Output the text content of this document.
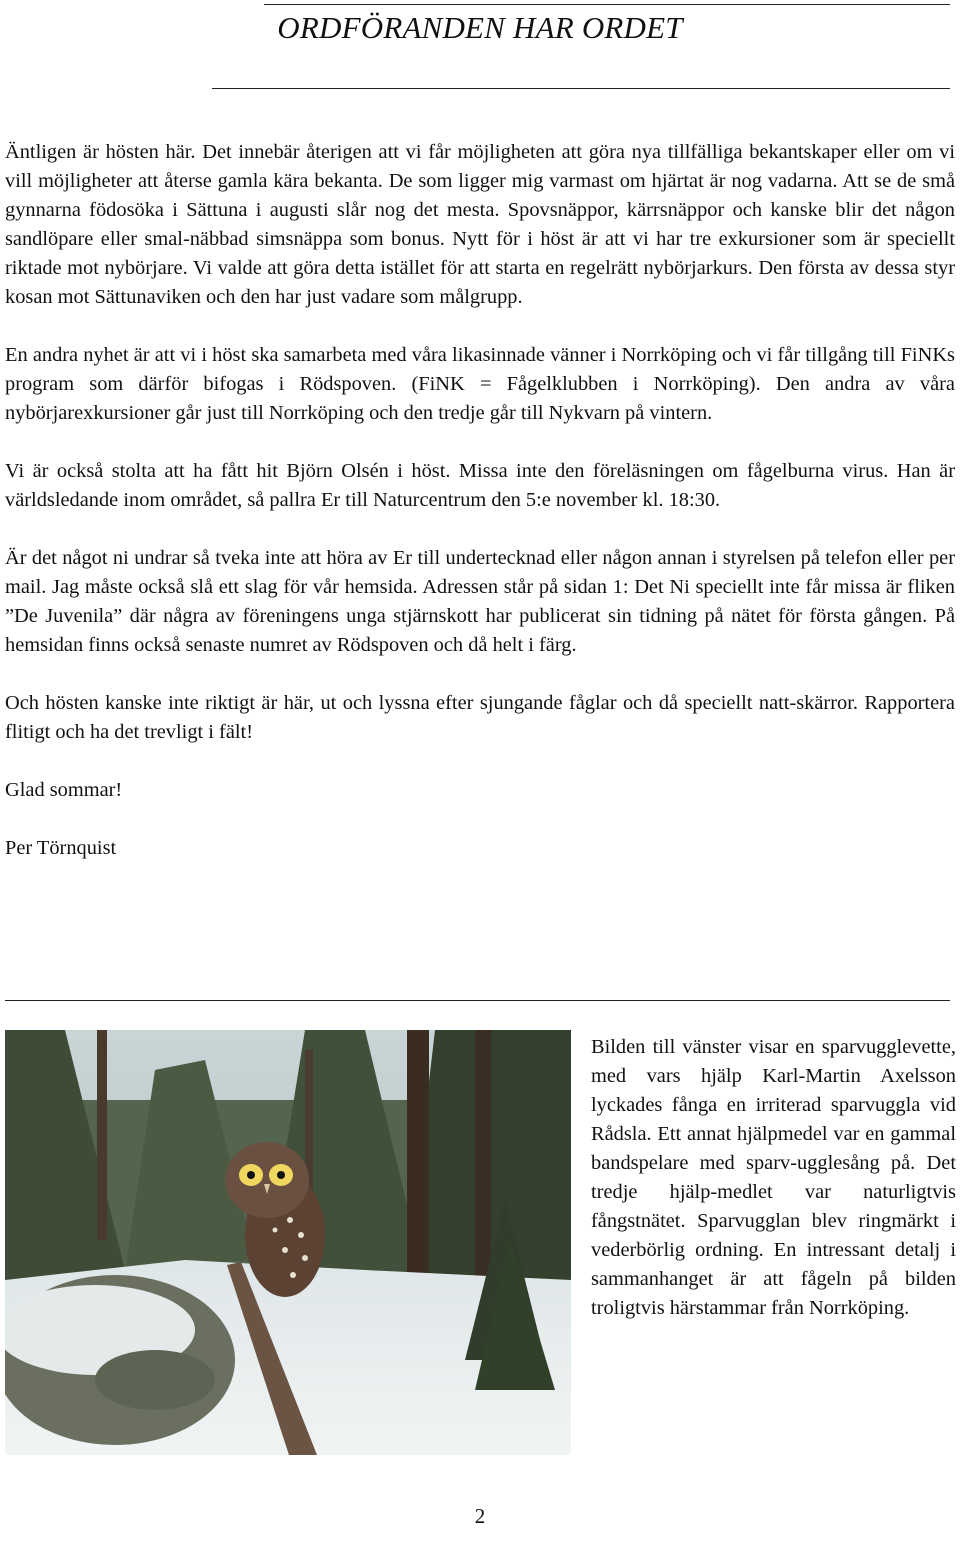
ORDFÖRANDEN HAR ORDET

Äntligen är hösten här. Det innebär återigen att vi får möjligheten att göra nya tillfälliga bekantskaper eller om vi vill möjligheter att återse gamla kära bekanta. De som ligger mig varmast om hjärtat är nog vadarna. Att se de små gynnarna födosöka i Sättuna i augusti slår nog det mesta. Spovsnäppor, kärrsnäppor och kanske blir det någon sandlöpare eller smal-näbbad simsnäppa som bonus. Nytt för i höst är att vi har tre exkursioner som är speciellt riktade mot nybörjare. Vi valde att göra detta istället för att starta en regelrätt nybörjarkurs. Den första av dessa styr kosan mot Sättunaviken och den har just vadare som målgrupp.

En andra nyhet är att vi i höst ska samarbeta med våra likasinnade vänner i Norrköping och vi får tillgång till FiNKs program som därför bifogas i Rödspoven. (FiNK = Fågelklubben i Norrköping). Den andra av våra nybörjarexkursioner går just till Norrköping och den tredje går till Nykvarn på vintern.

Vi är också stolta att ha fått hit Björn Olsén i höst. Missa inte den föreläsningen om fågelburna virus. Han är världsledande inom området, så pallra Er till Naturcentrum den 5:e november kl. 18:30.

Är det något ni undrar så tveka inte att höra av Er till undertecknad eller någon annan i styrelsen på telefon eller per mail. Jag måste också slå ett slag för vår hemsida. Adressen står på sidan 1: Det Ni speciellt inte får missa är fliken ”De Juvenila” där några av föreningens unga stjärnskott har publicerat sin tidning på nätet för första gången. På hemsidan finns också senaste numret av Rödspoven och då helt i färg.

Och hösten kanske inte riktigt är här, ut och lyssna efter sjungande fåglar och då speciellt natt-skärror. Rapportera flitigt och ha det trevligt i fält!

Glad sommar!

Per Törnquist

Bilden till vänster visar en sparvugglevette, med vars hjälp Karl-Martin Axelsson lyckades fånga en irriterad sparvuggla vid Rådsla. Ett annat hjälpmedel var en gammal bandspelare med sparv-ugglesång på. Det tredje hjälp-medlet var naturligtvis fångstnätet. Sparvugglan blev ringmärkt i vederbörlig ordning. En intressant detalj i sammanhanget är att fågeln på bilden troligtvis härstammar från Norrköping.

2
